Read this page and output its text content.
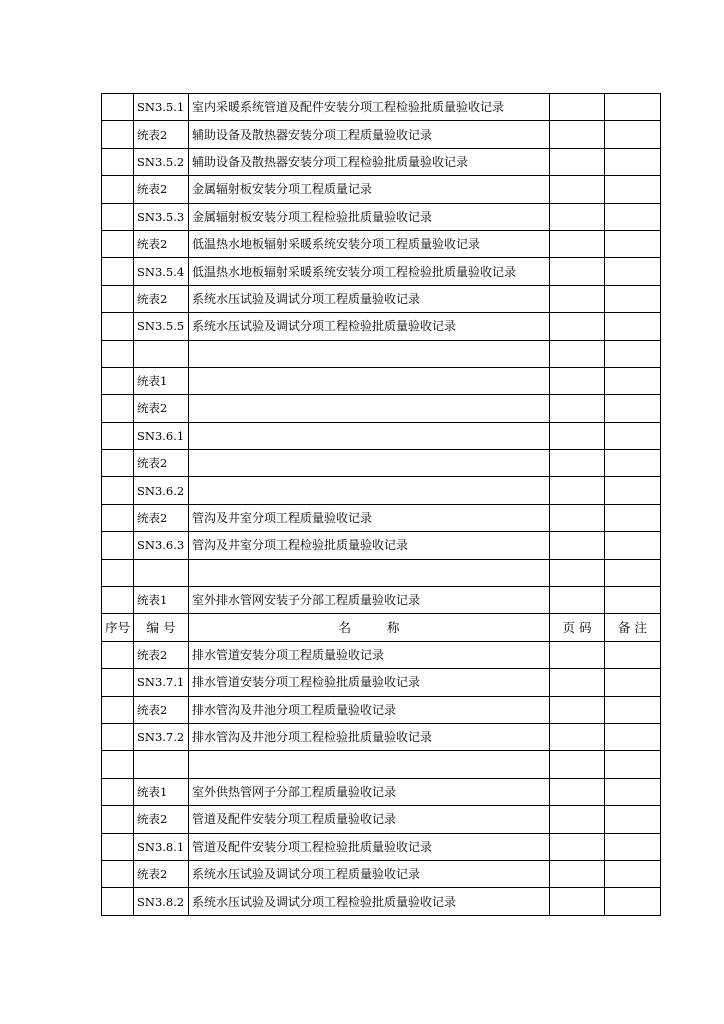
	SN3.5.1	室内采暖系统管道及配件安装分项工程检验批质量验收记录		
	统表2	辅助设备及散热器安装分项工程质量验收记录		
	SN3.5.2	辅助设备及散热器安装分项工程检验批质量验收记录		
	统表2	金属辐射板安装分项工程质量记录		
	SN3.5.3	金属辐射板安装分项工程检验批质量验收记录		
	统表2	低温热水地板辐射采暖系统安装分项工程质量验收记录		
	SN3.5.4	低温热水地板辐射采暖系统安装分项工程检验批质量验收记录		
	统表2	系统水压试验及调试分项工程质量验收记录		
	SN3.5.5	系统水压试验及调试分项工程检验批质量验收记录		

	统表1			
	统表2			
	SN3.6.1			
	统表2			
	SN3.6.2			
	统表2	管沟及井室分项工程质量验收记录		
	SN3.6.3	管沟及井室分项工程检验批质量验收记录		

	统表1	室外排水管网安装子分部工程质量验收记录		
序号	编 号	名 称	页 码	备 注
	统表2	排水管道安装分项工程质量验收记录		
	SN3.7.1	排水管道安装分项工程检验批质量验收记录		
	统表2	排水管沟及井池分项工程质量验收记录		
	SN3.7.2	排水管沟及井池分项工程检验批质量验收记录		

	统表1	室外供热管网子分部工程质量验收记录		
	统表2	管道及配件安装分项工程质量验收记录		
	SN3.8.1	管道及配件安装分项工程检验批质量验收记录		
	统表2	系统水压试验及调试分项工程质量验收记录		
	SN3.8.2	系统水压试验及调试分项工程检验批质量验收记录		
